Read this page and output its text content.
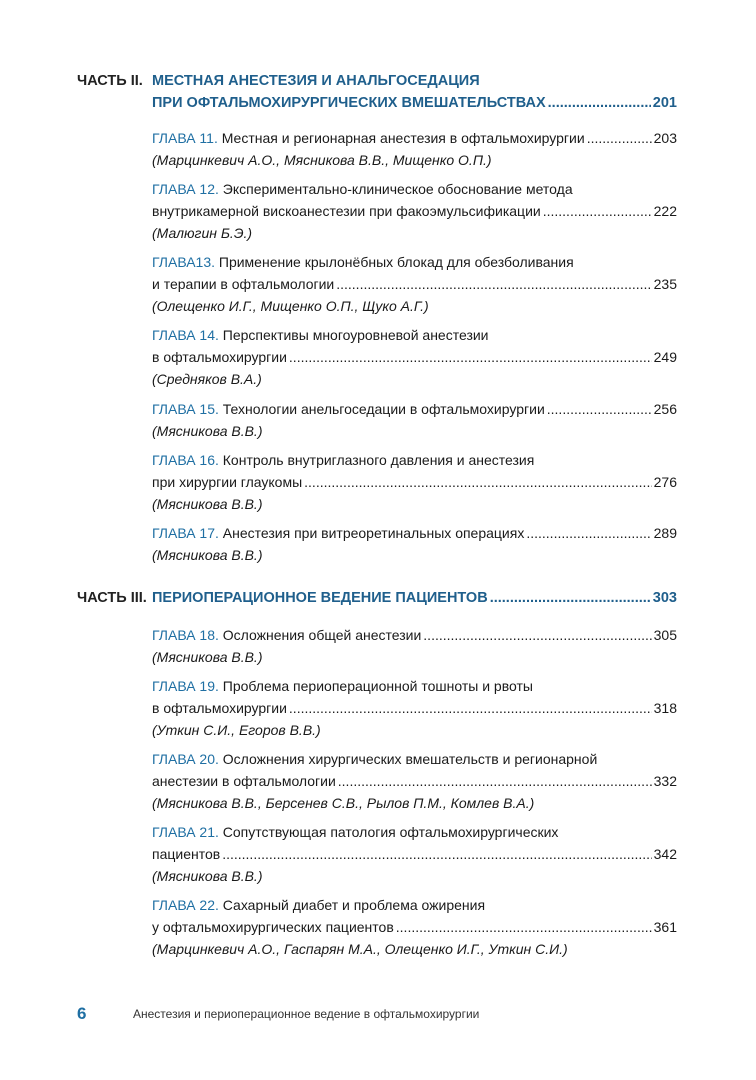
ЧАСТЬ II. МЕСТНАЯ АНЕСТЕЗИЯ И АНАЛЬГОСЕДАЦИЯ
ПРИ ОФТАЛЬМОХИРУРГИЧЕСКИХ ВМЕШАТЕЛЬСТВАХ .....	201
ГЛАВА 11. Местная и регионарная анестезия в офтальмохирургии .....	203
(Марцинкевич А.О., Мясникова В.В., Мищенко О.П.)
ГЛАВА 12. Экспериментально-клиническое обоснование метода
внутрикамерной вискоанестезии при факоэмульсификации .....	222
(Малюгин Б.Э.)
ГЛАВА13. Применение крылонёбных блокад для обезболивания
и терапии в офтальмологии .....	235
(Олещенко И.Г., Мищенко О.П., Щуко А.Г.)
ГЛАВА 14. Перспективы многоуровневой анестезии
в офтальмохирургии .....	249
(Средняков В.А.)
ГЛАВА 15. Технологии анельгоседации в офтальмохирургии .....	256
(Мясникова В.В.)
ГЛАВА 16. Контроль внутриглазного давления и анестезия
при хирургии глаукомы .....	276
(Мясникова В.В.)
ГЛАВА 17. Анестезия при витреоретинальных операциях .....	289
(Мясникова В.В.)
ЧАСТЬ III. ПЕРИОПЕРАЦИОННОЕ ВЕДЕНИЕ ПАЦИЕНТОВ .....	303
ГЛАВА 18. Осложнения общей анестезии .....	305
(Мясникова В.В.)
ГЛАВА 19. Проблема периоперационной тошноты и рвоты
в офтальмохирургии .....	318
(Уткин С.И., Егоров В.В.)
ГЛАВА 20. Осложнения хирургических вмешательств и регионарной
анестезии в офтальмологии .....	332
(Мясникова В.В., Берсенев С.В., Рылов П.М., Комлев В.А.)
ГЛАВА 21. Сопутствующая патология офтальмохирургических
пациентов .....	342
(Мясникова В.В.)
ГЛАВА 22. Сахарный диабет и проблема ожирения
у офтальмохирургических пациентов .....	361
(Марцинкевич А.О., Гаспарян М.А., Олещенко И.Г., Уткин С.И.)
6	Анестезия и периоперационное ведение в офтальмохирургии
